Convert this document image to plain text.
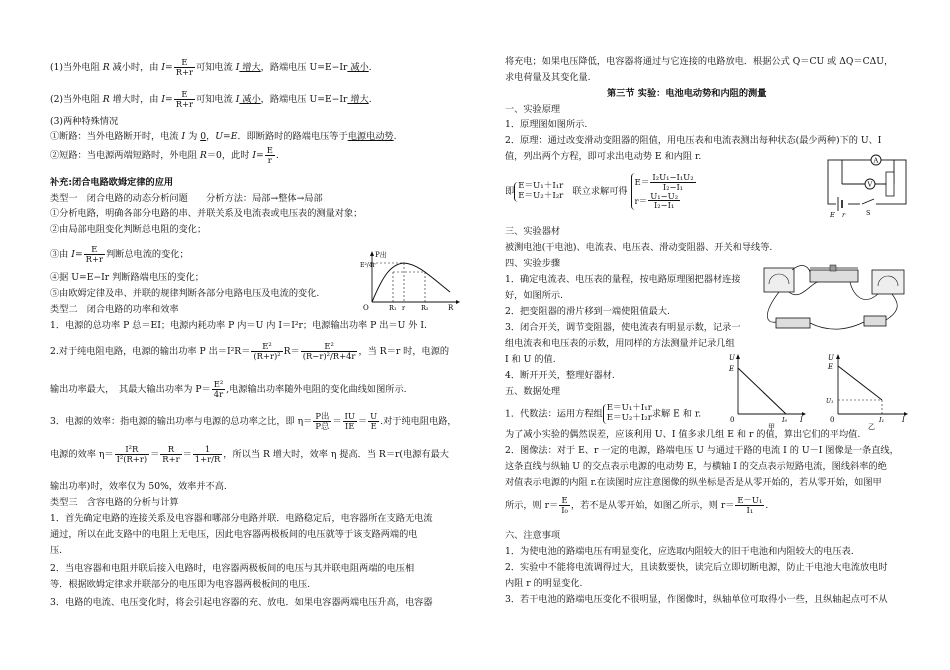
(1)当外电阻 R 减小时，由 $I= \frac{E}{R+r}$ 可知电流 I 增大，路端电压 U=E−Ir 减小.
(2)当外电阻 R 增大时，由 $I= \frac{E}{R+r}$ 可知电流 I 减小，路端电压 U=E−Ir 增大.
(3)两种特殊情况
①断路：当外电路断开时，电流 I 为 0，U=E．即断路时的路端电压等于电源电动势.
②短路：当电源两端短路时，外电阻 R＝0，此时 $I= \frac{E}{r}$ .
补充:闭合电路欧姆定律的应用
类型一　闭合电路的动态分析问题　　分析方法：局部→整体→局部
①分析电路，明确各部分电路的串、并联关系及电流表或电压表的测量对象；
②由局部电阻变化判断总电阻的变化；
③由 $I= \frac{E}{R+r}$ 判断总电流的变化；
④据 U=E−Ir 判断路端电压的变化；
⑤由欧姆定律及串、并联的规律判断各部分电路电压及电流的变化.
类型二　闭合电路的功率和效率
1．电源的总功率 P 总＝EI；电源内耗功率 P 内＝U 内 I＝I²r；电源输出功率 P 出＝U 外 I.
2.对于纯电阻电路，电源的输出功率 P 出$=I^2R= \frac{\text{E²}}{\text{(R+r)²}} R= \frac{\text{E²}}{\text{(R−r)²/R+4r}}$ ，当 R＝r 时，电源的
输出功率最大，　其最大输出功率为 $P= \frac{\text{E²}}{4r}$ ,电源输出功率随外电阻的变化曲线如图所示.
3．电源的效率：指电源的输出功率与电源的总功率之比，即 $\eta= \frac{\text{P出}}{\text{P总}} = \frac{IU}{IE} = \frac{U}{E}$ .对于纯电阻电路，
电源的效率 $\eta= \frac{\text{I²R}}{\text{I²(R+r)}} = \frac{R}{R+r} = \frac{1}{1+r/R}$ ，所以当 R 增大时，效率 η 提高．当 R＝r(电源有最大
输出功率)时，效率仅为 50%，效率并不高.
类型三　含容电路的分析与计算
1．首先确定电路的连接关系及电容器和哪部分电路并联．电路稳定后，电容器所在支路无电流
通过，所以在此支路中的电阻上无电压，因此电容器两极板间的电压就等于该支路两端的电
压.
2．当电容器和电阻并联后接入电路时，电容器两极板间的电压与其并联电阻两端的电压相
等．根据欧姆定律求并联部分的电压即为电容器两极板间的电压.
3．电路的电流、电压变化时，将会引起电容器的充、放电．如果电容器两端电压升高，电容器
P出
E²/4r
O	R₁ r R₂	R
将充电；如果电压降低，电容器将通过与它连接的电路放电．根据公式 Q＝CU 或 ΔQ＝CΔU，
求电荷量及其变化量.
第三节 实验：电池电动势和内阻的测量
一、实验原理
1．原理图如图所示.
2．原理：通过改变滑动变阻器的阻值，用电压表和电流表测出每种状态(最少两种)下的 U、I
值，列出两个方程，即可求出电动势 E 和内阻 r.
即E＝U₁＋I₁r
E＝U₂＋I₂r　联立求解可得 $E= \frac{\text{I₂U₁−I₁U₂}}{\text{I₂−I₁}}$

$r= \frac{\text{U₁−U₂}}{\text{I₂−I₁}}$
三、实验器材
被测电池(干电池)、电流表、电压表、滑动变阻器、开关和导线等.
四、实验步骤
1．确定电流表、电压表的量程，按电路原理图把器材连接
好，如图所示.
2．把变阻器的滑片移到一端使阻值最大.
3．闭合开关，调节变阻器，使电流表有明显示数，记录一
组电流表和电压表的示数，用同样的方法测量并记录几组
I 和 U 的值.
4．断开开关，整理好器材.
五、数据处理
1．代数法：运用方程组E＝U₁＋I₁r
E＝U₂＋I₂r求解 E 和 r.
为了减小实验的偶然误差，应该利用 U、I 值多求几组 E 和 r 的值，算出它们的平均值.
2．图像法：对于 E、r 一定的电源，路端电压 U 与通过干路的电流 I 的 U－I 图像是一条直线，
这条直线与纵轴 U 的交点表示电源的电动势 E，与横轴 I 的交点表示短路电流，图线斜率的绝
对值表示电源的内阻 r.在读图时应注意图像的纵坐标是否是从零开始的，若从零开始，如图甲
所示，则 $r= \frac{E}{\text{I₀}}$ ，若不是从零开始，如图乙所示，则 $r= \frac{\text{E－U₁}}{\text{I₁}}$ .
六、注意事项
1．为使电池的路端电压有明显变化，应选取内阻较大的旧干电池和内阻较大的电压表.
2．实验中不能将电流调得过大，且读数要快，读完后立即切断电源，防止干电池大电流放电时
内阻 r 的明显变化.
3．若干电池的路端电压变化不很明显，作图像时，纵轴单位可取得小一些，且纵轴起点可不从
A
V
E r	S
U
E
0	I₀ I
甲
U
E
U₁
0	I₁	I
乙
